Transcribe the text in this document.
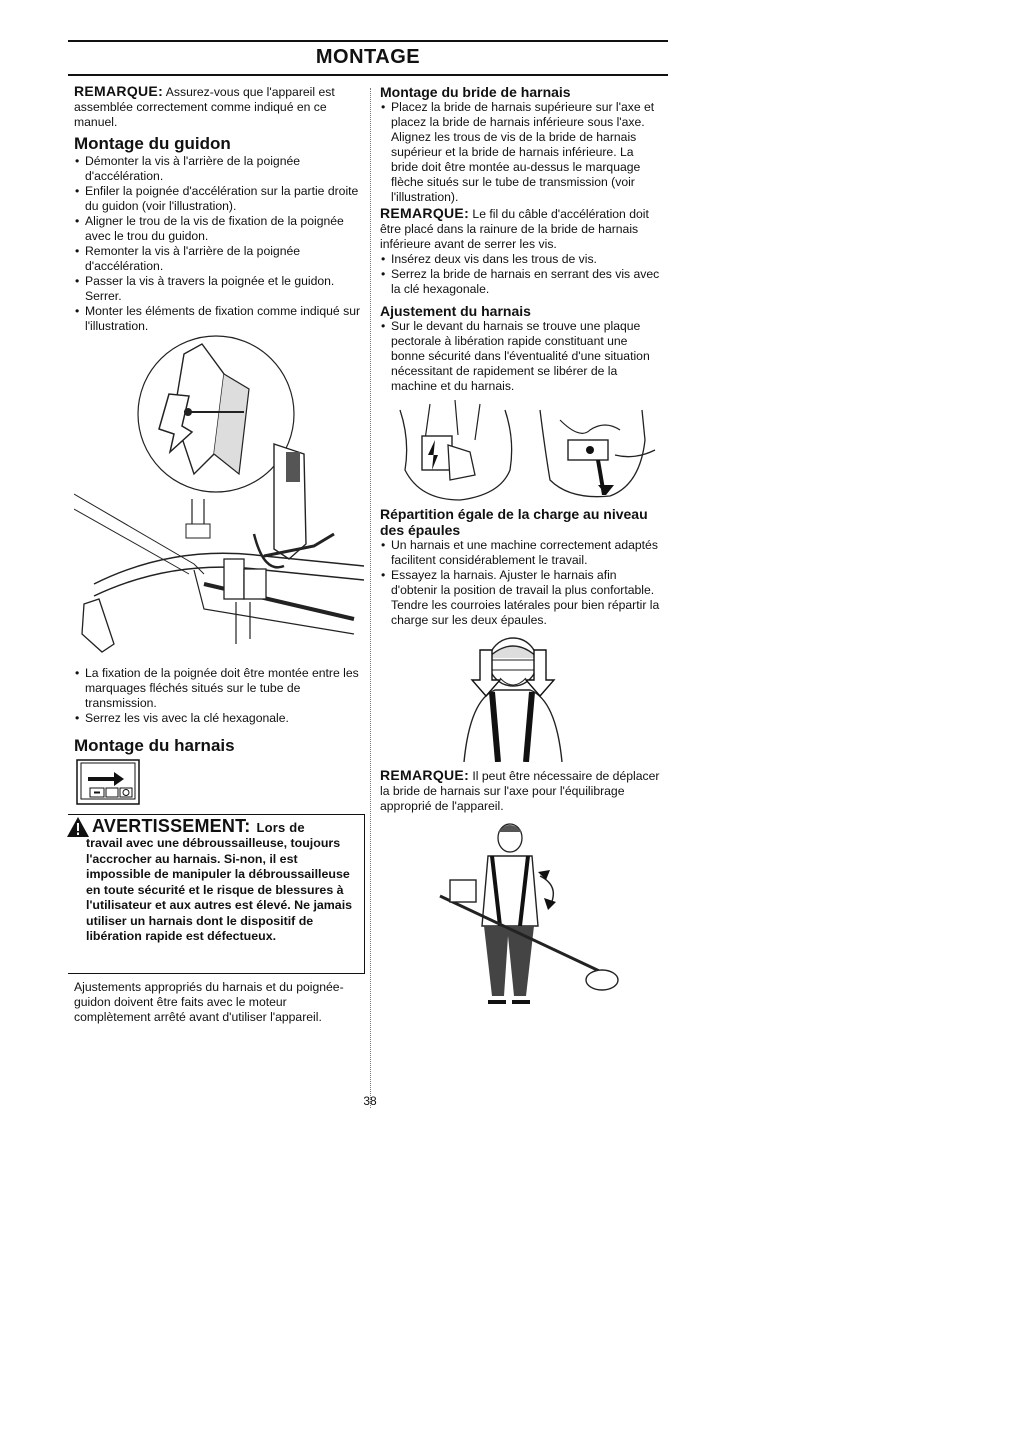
MONTAGE

REMARQUE: Assurez-vous que l'appareil est assemblée correctement comme indiqué en ce manuel.

Montage du guidon
• Démonter la vis à l'arrière de la poignée d'accélération.
• Enfiler la poignée d'accélération sur la partie droite du guidon (voir l'illustration).
• Aligner le trou de la vis de fixation de la poignée avec le trou du guidon.
• Remonter la vis à l'arrière de la poignée d'accélération.
• Passer la vis à travers la poignée et le guidon. Serrer.
• Monter les éléments de fixation comme indiqué sur l'illustration.
• La fixation de la poignée doit être montée entre les marquages fléchés situés sur le tube de transmission.
• Serrez les vis avec la clé hexagonale.
Montage du harnais
AVERTISSEMENT: Lors de
travail avec une débroussailleuse, toujours l'accrocher au harnais. Si-non, il est impossible de manipuler la débroussailleuse en toute sécurité et le risque de blessures à l'utilisateur et aux autres est élevé. Ne jamais utiliser un harnais dont le dispositif de libération rapide est défectueux.

Ajustements appropriés du harnais et du poignée-guidon doivent être faits avec le moteur complètement arrêté avant d'utiliser l'appareil.

Montage du bride de harnais
• Placez la bride de harnais supérieure sur l'axe et placez la bride de harnais inférieure sous l'axe. Alignez les trous de vis de la bride de harnais supérieur et la bride de harnais inférieure. La bride doit être montée au-dessus le marquage flèche situés sur le tube de transmission (voir l'illustration).

REMARQUE: Le fil du câble d'accélération doit être placé dans la rainure de la bride de harnais inférieure avant de serrer les vis.

• Insérez deux vis dans les trous de vis.
• Serrez la bride de harnais en serrant des vis avec la clé hexagonale.
Ajustement du harnais
• Sur le devant du harnais se trouve une plaque pectorale à libération rapide constituant une bonne sécurité dans l'éventualité d'une situation nécessitant de rapidement se libérer de la machine et du harnais.
Répartition égale de la charge au niveau des épaules
• Un harnais et une machine correctement adaptés facilitent considérablement le travail.
• Essayez la harnais. Ajuster le harnais afin d'obtenir la position de travail la plus confortable. Tendre les courroies latérales pour bien répartir la charge sur les deux épaules.

REMARQUE: Il peut être nécessaire de déplacer la bride de harnais sur l'axe pour l'équilibrage approprié de l'appareil.

38
